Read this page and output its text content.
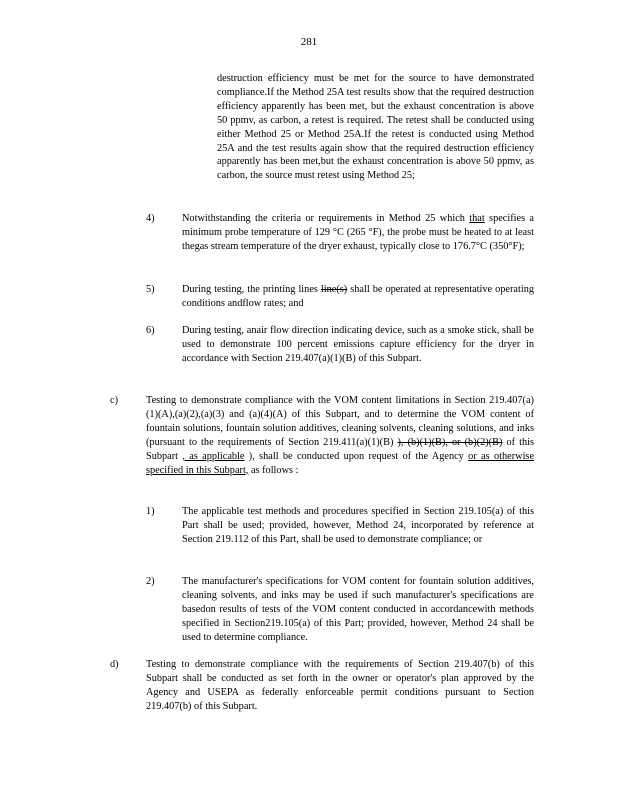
281

destruction efficiency must be met for the source to have demonstrated compliance.If the Method 25A test results show that the required destruction efficiency apparently has been met, but the exhaust concentration is above 50 ppmv, as carbon, a retest is required. The retest shall be conducted using either Method 25 or Method 25A.If the retest is conducted using Method 25A and the test results again show that the required destruction efficiency apparently has been met,but the exhaust concentration is above 50 ppmv, as carbon, the source must retest using Method 25;

4)	Notwithstanding the criteria or requirements in Method 25 which that specifies a minimum probe temperature of 129 °C (265 °F), the probe must be heated to at least thegas stream temperature of the dryer exhaust, typically close to 176.7°C (350°F);

5)	During testing, the printing lines line(s) shall be operated at representative operating conditions andflow rates; and

6)	During testing, anair flow direction indicating device, such as a smoke stick, shall be used to demonstrate 100 percent emissions capture efficiency for the dryer in accordance with Section 219.407(a)(1)(B) of this Subpart.

c)	Testing to demonstrate compliance with the VOM content limitations in Section 219.407(a)(1)(A),(a)(2),(a)(3) and (a)(4)(A) of this Subpart, and to determine the VOM content of fountain solutions, fountain solution additives, cleaning solvents, cleaning solutions, and inks (pursuant to the requirements of Section 219.411(a)(1)(B) ), (b)(1)(B), or (b)(2)(B) of this Subpart , as applicable ), shall be conducted upon request of the Agency or as otherwise specified in this Subpart, as follows :

1)	The applicable test methods and procedures specified in Section 219.105(a) of this Part shall be used; provided, however, Method 24, incorporated by reference at Section 219.112 of this Part, shall be used to demonstrate compliance; or

2)	The manufacturer's specifications for VOM content for fountain solution additives, cleaning solvents, and inks may be used if such manufacturer's specifications are basedon results of tests of the VOM content conducted in accordancewith methods specified in Section219.105(a) of this Part; provided, however, Method 24 shall be used to determine compliance.

d)	Testing to demonstrate compliance with the requirements of Section 219.407(b) of this Subpart shall be conducted as set forth in the owner or operator's plan approved by the Agency and USEPA as federally enforceable permit conditions pursuant to Section 219.407(b) of this Subpart.
